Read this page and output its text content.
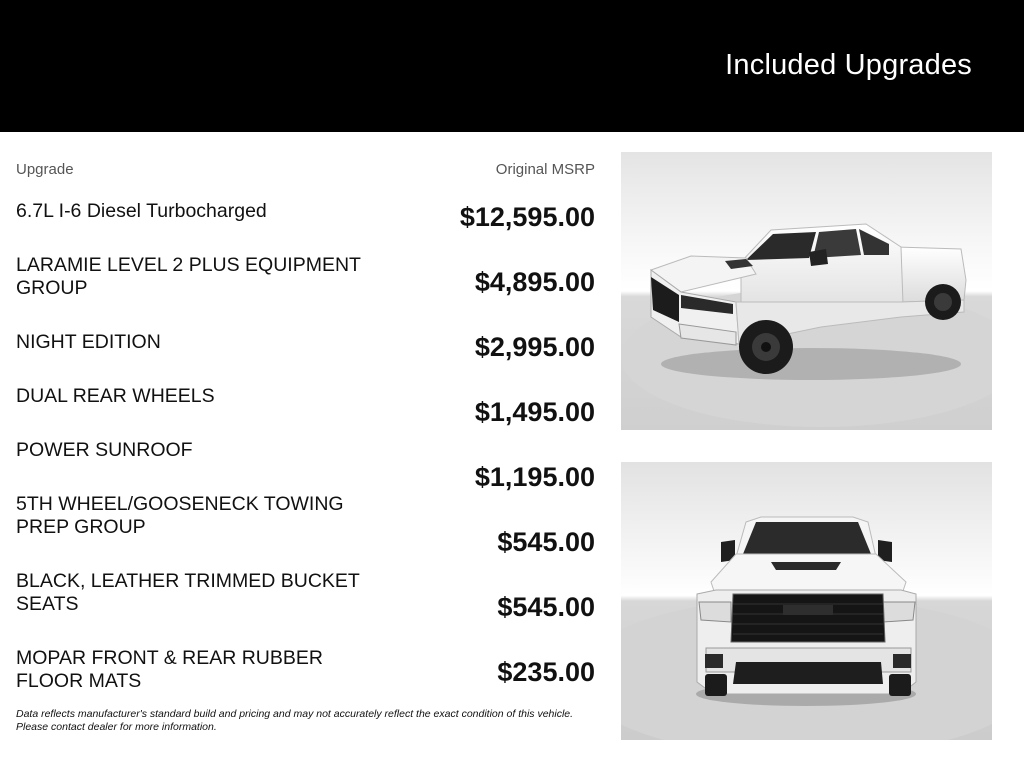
Included Upgrades
Upgrade	Original MSRP
6.7L I-6 Diesel Turbocharged
LARAMIE LEVEL 2 PLUS EQUIPMENT GROUP
NIGHT EDITION
DUAL REAR WHEELS
POWER SUNROOF
5TH WHEEL/GOOSENECK TOWING PREP GROUP
BLACK, LEATHER TRIMMED BUCKET SEATS
MOPAR FRONT & REAR RUBBER FLOOR MATS
$12,595.00
$4,895.00
$2,995.00
$1,495.00
$1,195.00
$545.00
$545.00
$235.00
Data reflects manufacturer's standard build and pricing and may not accurately reflect the exact condition of this vehicle.
Please contact dealer for more information.
